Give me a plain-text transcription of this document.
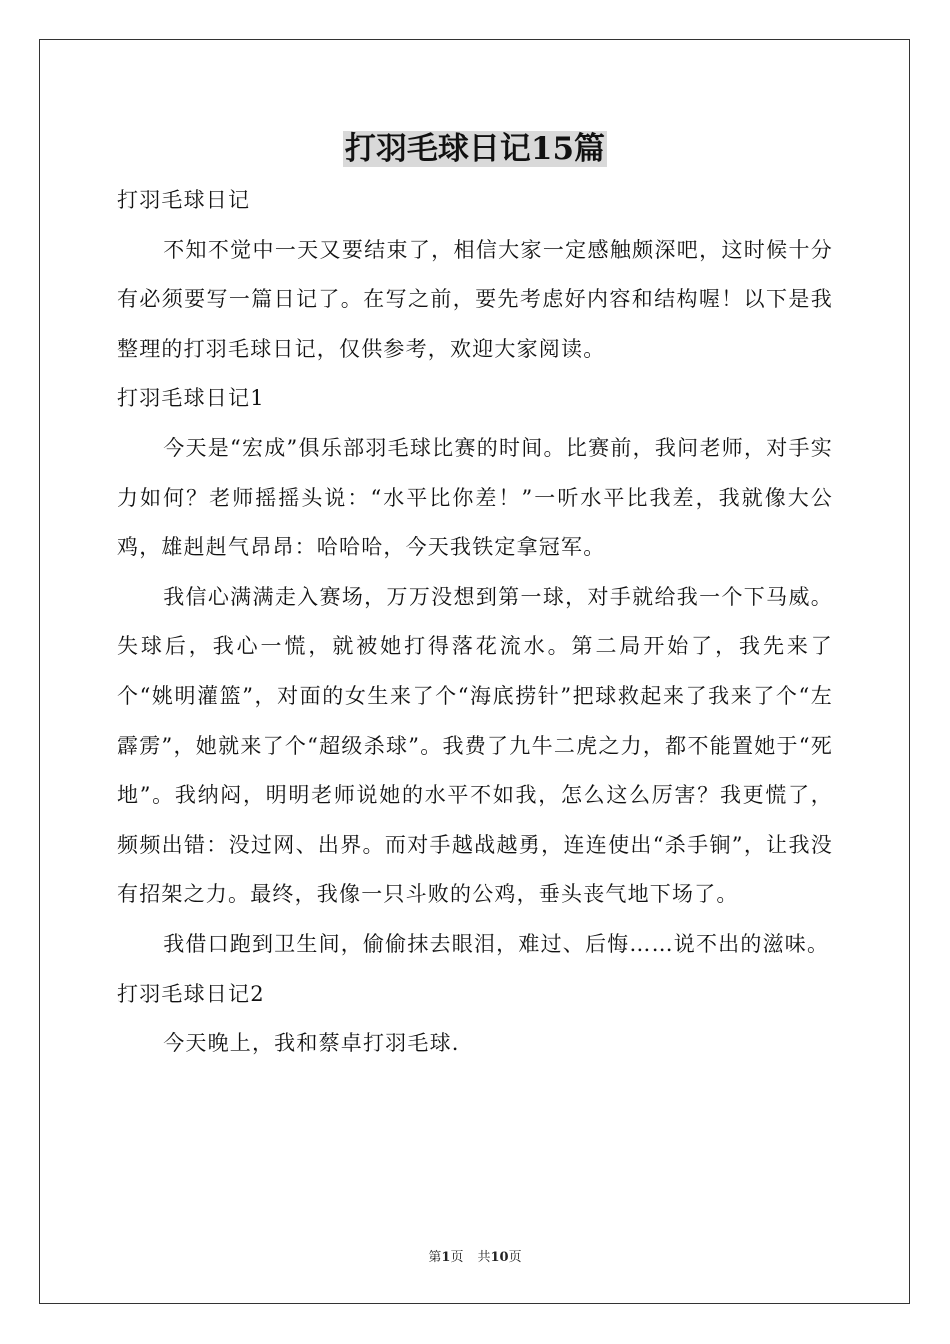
打羽毛球日记15篇

打羽毛球日记

不知不觉中一天又要结束了，相信大家一定感触颇深吧，这时候十分有必须要写一篇日记了。在写之前，要先考虑好内容和结构喔！以下是我整理的打羽毛球日记，仅供参考，欢迎大家阅读。

打羽毛球日记1

今天是“宏成”俱乐部羽毛球比赛的时间。比赛前，我问老师，对手实力如何？老师摇摇头说：“水平比你差！”一听水平比我差，我就像大公鸡，雄赳赳气昂昂：哈哈哈，今天我铁定拿冠军。

我信心满满走入赛场，万万没想到第一球，对手就给我一个下马威。失球后，我心一慌，就被她打得落花流水。第二局开始了，我先来了个“姚明灌篮”，对面的女生来了个“海底捞针”把球救起来了我来了个“左霹雳”，她就来了个“超级杀球”。我费了九牛二虎之力，都不能置她于“死地”。我纳闷，明明老师说她的水平不如我，怎么这么厉害？我更慌了，频频出错：没过网、出界。而对手越战越勇，连连使出“杀手锏”，让我没有招架之力。最终，我像一只斗败的公鸡，垂头丧气地下场了。

我借口跑到卫生间，偷偷抹去眼泪，难过、后悔……说不出的滋味。

打羽毛球日记2

今天晚上，我和蔡卓打羽毛球.

第1页 共10页
